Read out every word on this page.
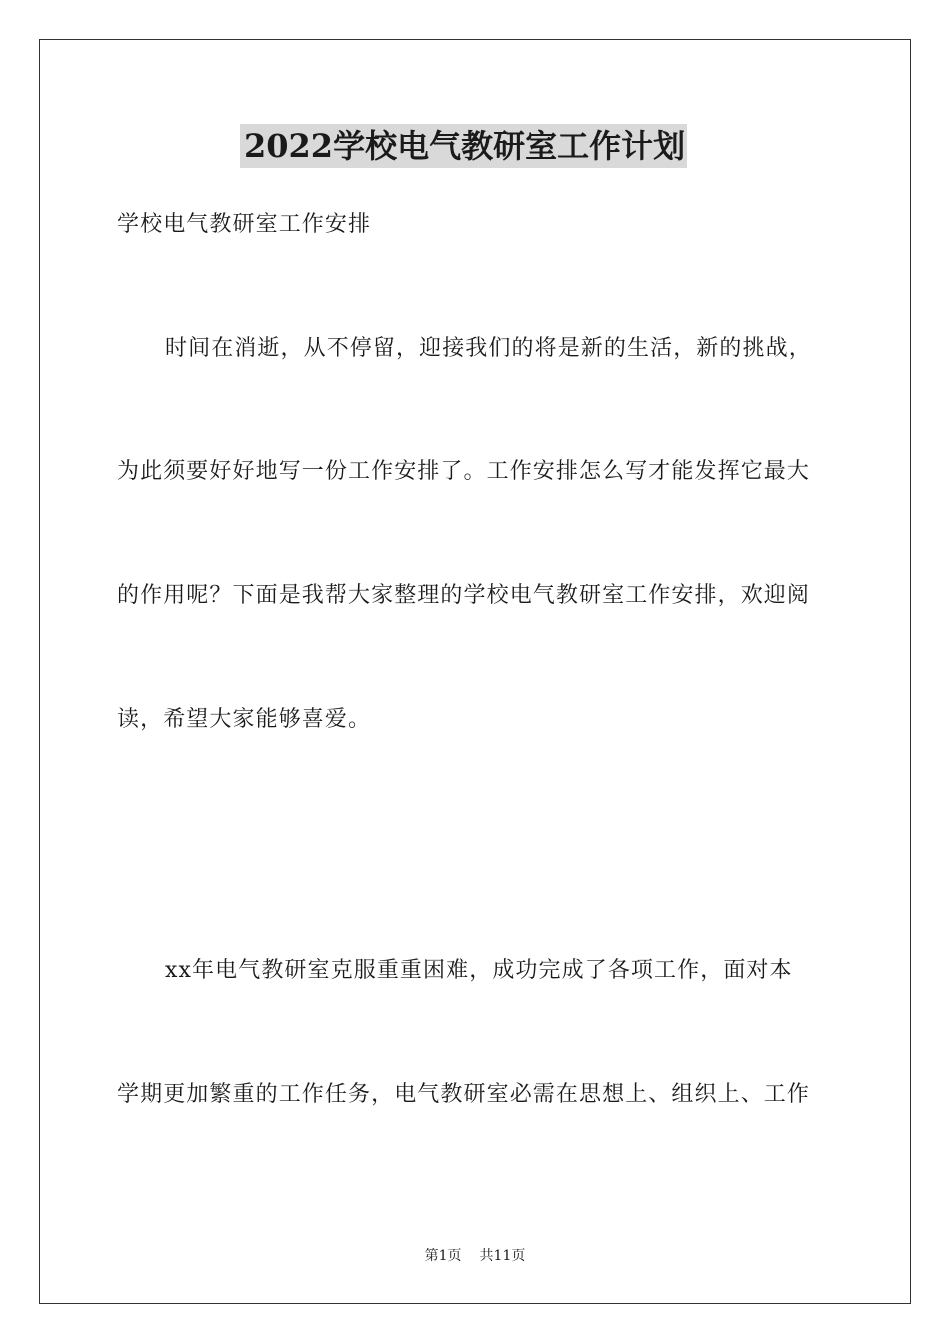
2022学校电气教研室工作计划
学校电气教研室工作安排
时间在消逝，从不停留，迎接我们的将是新的生活，新的挑战，
为此须要好好地写一份工作安排了。工作安排怎么写才能发挥它最大
的作用呢？下面是我帮大家整理的学校电气教研室工作安排，欢迎阅
读，希望大家能够喜爱。
xx年电气教研室克服重重困难，成功完成了各项工作，面对本
学期更加繁重的工作任务，电气教研室必需在思想上、组织上、工作
第1页 共11页
